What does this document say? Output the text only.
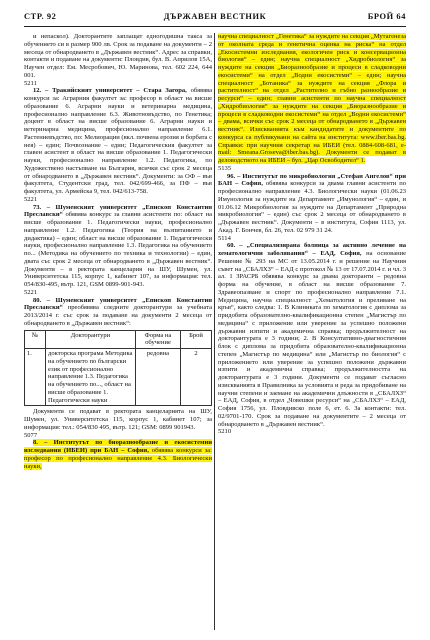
СТР. 92	ДЪРЖАВЕН ВЕСТНИК	БРОЙ 64

и непаскол). Докторантите заплащат едногодишна такса за обучението си в размер 900 лв. Срок за подаване на документи – 2 месеца от обнародването в „Държавен вестник“. Адрес за справки, контакти и подаване на документи: Пловдив, бул. В. Априлов 15А, Научен отдел: Ем. Месробович, Ю. Маринова, тел. 602 224, 644 001.

5211

12. – Тракийският университет – Стара Загора, обявява конкурси за: Аграрния факултет за: професор в област на висше образование 6. Аграрни науки и ветеринарна медицина, професионално направление 6.3. Животновъдство, по Генетика; доцент в област на висше образование 6. Аграрни науки и ветеринарна медицина, професионално направление 6.1. Растениевъдство, по: Мелиорации (вкл. почвена ерозия и борбата с нея) – един; Почвознание – един; Педагогическия факултет за главен асистент в област на висше образование 1. Педагогически науки, професионално направление 1.2. Педагогика, по Художествено настъпване на България, всички със срок 2 месеца от обнародването в „Държавен вестник“. Документи: за ОФ – във факултета, Студентски град, тел. 042/699-466, за ПФ – във факултета, ул. Армейска 9, тел. 042/613-758.

5221

73. – Шуменският университет „Епископ Константин Преславски“ обявява конкурс за главни асистенти по: област на висше образование 1. Педагогически науки, професионално направление 1.2. Педагогика (Теория на възпитанието и дидактика) – един; област на висше образование 1. Педагогически науки, професионално направление 1.3. Педагогика на обучението по... (Методика на обучението по техника и технологии) – един, двата със срок 2 месеца от обнародването в „Държавен вестник“. Документи – в ректората канцелария на ШУ, Шумен, ул. Университетска 115, корпус 1, кабинет 107, за информация: тел. 054/830-495, вътр. 121, GSM 0899-901-943.

5221

80. – Шуменският университет „Епископ Константин Преславски“ преобявява следните докторантури за учебната 2013/2014 г. със срок за подаване на документи 2 месеца от обнародването в „Държавен вестник“:

№	Докторантури	Форма на обучение	Брой
1.	докторска програма Методика на обучението по български език от професионално направление 1.3. Педагогика на обучението по..., област на висше образование 1. Педагогически науки	редовна	2

Документи се подават в ректората канцеларията на ШУ, Шумен, ул. Университетска 115, корпус 1, кабинет 107; за информация: тел.: 054/830 495, вътр. 121; GSM: 0899 901943.

5077

8. – Институтът по биоразнообразие и екосистемни изследвания (ИБЕИ) при БАН – София, обявява конкурси за: професор по професионално направление 4.3. Биологически науки,

научна специалност „Генетика“ за нуждите на секция „Мутагенеза от околната среда и генетична оценка на риска“ на отдел „Екосистемни изследвания, екологичен риск и консервационна биология“ – един; научна специалност „Хидробиология“ за нуждите на секция „Биоразнообразие и процеси в сладководни екосистеми“ на отдел „Водни екосистеми“ – един; научна специалност „Ботаника“ за нуждите на секция „Флора и растителност“ на отдел „Растително и гъбно разнообразие и ресурси“ – един; главни асистенти по научна специалност „Хидробиология“ за нуждите на секция „Биоразнообразие и процеси в сладководни екосистеми“ на отдел „Водни екосистеми“ – двама, всички със срок 2 месеца от обнародването в „Държавен вестник“. Изискванията към кандидатите и документите по конкурса са публикувани на сайта на института: www.iber.bas.bg. Справки: при научния секретар на ИБЕИ (тел. 0884-608-681, e-mail: Smeana.Groseva@iber.bas.bg). Документи се подават в деловодството на ИБЕИ – бул. „Цар Освободител“ 1.

5135

96. – Институтът по микробиология „Стефан Ангелов“ при БАН – София, обявява конкурси за двама главни асистенти по професионално направление 4.3. Биологически науки (01.06.23 Имунология за нуждите на Департамент „Имунология“ – един, и 01.06.12 Микробиология за нуждите на Департамент „Природна микробиология“ – един) със срок 2 месеца от обнародването в „Държавен вестник“. Документи – в института, София 1113, ул. Акад. Г. Бончев, бл. 26, тел. 02 979 31 24.

5114

60. – „Специализирана болница за активно лечение на хематологични заболявания“ – ЕАД, София, на основание Решение № 293 на МС от 13.05.2014 г. и решение на Научния съвет на „СБАЛХЗ“ – ЕАД с протокол № 13 от 17.07.2014 г. и чл. 3 ал. 1 ЗРАСРБ обявява конкурс за двама докторанти – редовна форма на обучение, в област на висше образование 7. Здравеопазване и спорт по професионално направление 7.1. Медицина, научна специалност „Хематология и преливане на кръв“, както следва: 1. В Клиниката по хематология с диплома за придобита образователно-квалификационна степен „Магистър по медицина“ с приложение или уверение за успешно положени държавни изпити и академична справка; продължителност на докторантурата е 3 години; 2. В Консултативно-диагностичния блок с диплома за придобита образователно-квалификационна степен „Магистър по медицина“ или „Магистър по биология“ с приложението или уверение за успешно положени държавни изпити и академична справка; продължителността на докторантурата е 3 години. Документи се подават съгласно изискванията в Правилника за условията и реда за придобиване на научни степени и заемане на академични длъжности в „СБАЛХЗ“ – ЕАД, София, в отдел „Човешки ресурси“ на „СБАЛХЗ“ – ЕАД, София 1756, ул. Пловдивско поле 6, ет. 6. За контакти: тел. 02/9701-170. Срок за подаване на документите – 2 месеца от обнародването в „Държавен вестник“.

5210
